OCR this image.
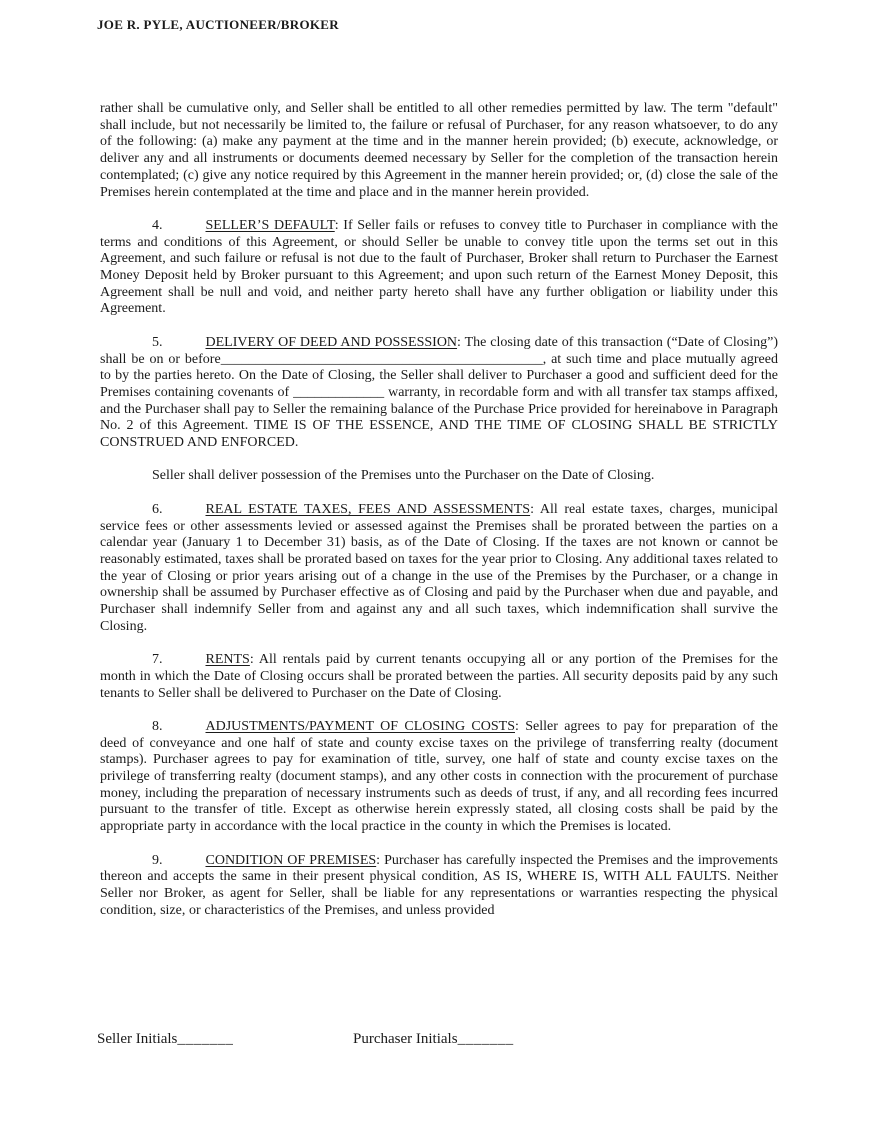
JOE R. PYLE, AUCTIONEER/BROKER

rather shall be cumulative only, and Seller shall be entitled to all other remedies permitted by law. The term "default" shall include, but not necessarily be limited to, the failure or refusal of Purchaser, for any reason whatsoever, to do any of the following: (a) make any payment at the time and in the manner herein provided; (b) execute, acknowledge, or deliver any and all instruments or documents deemed necessary by Seller for the completion of the transaction herein contemplated; (c) give any notice required by this Agreement in the manner herein provided; or, (d) close the sale of the Premises herein contemplated at the time and place and in the manner herein provided.

4.	SELLER’S DEFAULT: If Seller fails or refuses to convey title to Purchaser in compliance with the terms and conditions of this Agreement, or should Seller be unable to convey title upon the terms set out in this Agreement, and such failure or refusal is not due to the fault of Purchaser, Broker shall return to Purchaser the Earnest Money Deposit held by Broker pursuant to this Agreement; and upon such return of the Earnest Money Deposit, this Agreement shall be null and void, and neither party hereto shall have any further obligation or liability under this Agreement.

5.	DELIVERY OF DEED AND POSSESSION: The closing date of this transaction (“Date of Closing”) shall be on or before______________________________________________, at such time and place mutually agreed to by the parties hereto. On the Date of Closing, the Seller shall deliver to Purchaser a good and sufficient deed for the Premises containing covenants of _____________ warranty, in recordable form and with all transfer tax stamps affixed, and the Purchaser shall pay to Seller the remaining balance of the Purchase Price provided for hereinabove in Paragraph No. 2 of this Agreement. TIME IS OF THE ESSENCE, AND THE TIME OF CLOSING SHALL BE STRICTLY CONSTRUED AND ENFORCED.

Seller shall deliver possession of the Premises unto the Purchaser on the Date of Closing.

6.	REAL ESTATE TAXES, FEES AND ASSESSMENTS: All real estate taxes, charges, municipal service fees or other assessments levied or assessed against the Premises shall be prorated between the parties on a calendar year (January 1 to December 31) basis, as of the Date of Closing. If the taxes are not known or cannot be reasonably estimated, taxes shall be prorated based on taxes for the year prior to Closing. Any additional taxes related to the year of Closing or prior years arising out of a change in the use of the Premises by the Purchaser, or a change in ownership shall be assumed by Purchaser effective as of Closing and paid by the Purchaser when due and payable, and Purchaser shall indemnify Seller from and against any and all such taxes, which indemnification shall survive the Closing.

7.	RENTS: All rentals paid by current tenants occupying all or any portion of the Premises for the month in which the Date of Closing occurs shall be prorated between the parties. All security deposits paid by any such tenants to Seller shall be delivered to Purchaser on the Date of Closing.

8.	ADJUSTMENTS/PAYMENT OF CLOSING COSTS: Seller agrees to pay for preparation of the deed of conveyance and one half of state and county excise taxes on the privilege of transferring realty (document stamps). Purchaser agrees to pay for examination of title, survey, one half of state and county excise taxes on the privilege of transferring realty (document stamps), and any other costs in connection with the procurement of purchase money, including the preparation of necessary instruments such as deeds of trust, if any, and all recording fees incurred pursuant to the transfer of title. Except as otherwise herein expressly stated, all closing costs shall be paid by the appropriate party in accordance with the local practice in the county in which the Premises is located.

9.	CONDITION OF PREMISES: Purchaser has carefully inspected the Premises and the improvements thereon and accepts the same in their present physical condition, AS IS, WHERE IS, WITH ALL FAULTS. Neither Seller nor Broker, as agent for Seller, shall be liable for any representations or warranties respecting the physical condition, size, or characteristics of the Premises, and unless provided

Seller Initials_______	Purchaser Initials_______
